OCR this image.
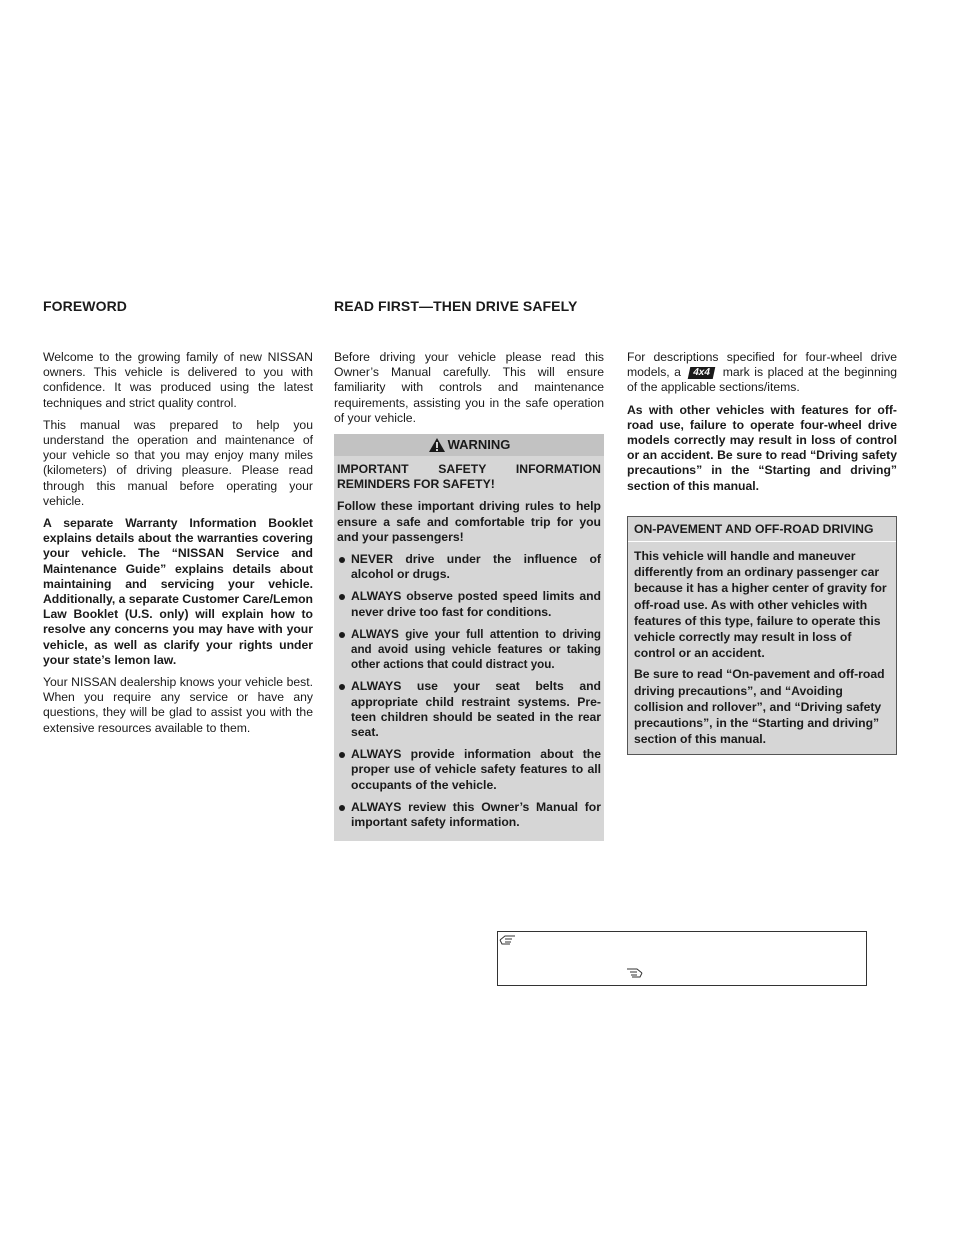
FOREWORD	READ FIRST—THEN DRIVE SAFELY

Welcome to the growing family of new NISSAN owners. This vehicle is delivered to you with confidence. It was produced using the latest techniques and strict quality control.

This manual was prepared to help you understand the operation and maintenance of your vehicle so that you may enjoy many miles (kilometers) of driving pleasure. Please read through this manual before operating your vehicle.

A separate Warranty Information Booklet explains details about the warranties covering your vehicle. The “NISSAN Service and Maintenance Guide” explains details about maintaining and servicing your vehicle. Additionally, a separate Customer Care/Lemon Law Booklet (U.S. only) will explain how to resolve any concerns you may have with your vehicle, as well as clarify your rights under your state’s lemon law.

Your NISSAN dealership knows your vehicle best. When you require any service or have any questions, they will be glad to assist you with the extensive resources available to them.

Before driving your vehicle please read this Owner’s Manual carefully. This will ensure familiarity with controls and maintenance requirements, assisting you in the safe operation of your vehicle.

WARNING

IMPORTANT SAFETY INFORMATION REMINDERS FOR SAFETY!

Follow these important driving rules to help ensure a safe and comfortable trip for you and your passengers!

NEVER drive under the influence of alcohol or drugs.
ALWAYS observe posted speed limits and never drive too fast for conditions.
ALWAYS give your full attention to driving and avoid using vehicle features or taking other actions that could distract you.
ALWAYS use your seat belts and appropriate child restraint systems. Pre-teen children should be seated in the rear seat.
ALWAYS provide information about the proper use of vehicle safety features to all occupants of the vehicle.
ALWAYS review this Owner’s Manual for important safety information.

For descriptions specified for four-wheel drive models, a 4x4 mark is placed at the beginning of the applicable sections/items.

As with other vehicles with features for off-road use, failure to operate four-wheel drive models correctly may result in loss of control or an accident. Be sure to read “Driving safety precautions” in the “Starting and driving” section of this manual.

ON-PAVEMENT AND OFF-ROAD DRIVING

This vehicle will handle and maneuver differently from an ordinary passenger car because it has a higher center of gravity for off-road use. As with other vehicles with features of this type, failure to operate this vehicle correctly may result in loss of control or an accident.

Be sure to read “On-pavement and off-road driving precautions”, and “Avoiding collision and rollover”, and “Driving safety precautions”, in the “Starting and driving” section of this manual.
